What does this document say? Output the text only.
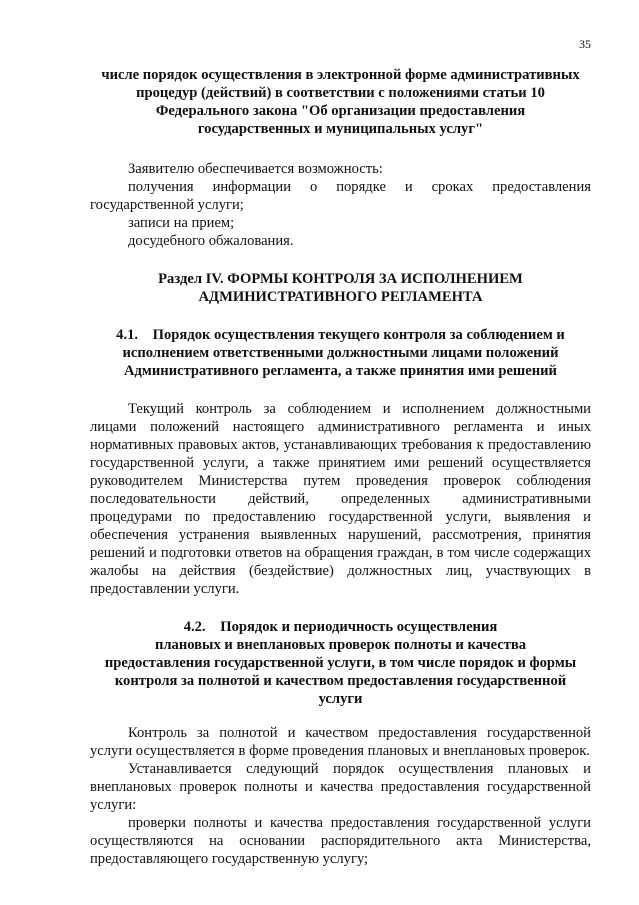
35

числе порядок осуществления в электронной форме административных

процедур (действий) в соответствии с положениями статьи 10

Федерального закона "Об организации предоставления

государственных и муниципальных услуг"

Заявителю обеспечивается возможность:

получения информации о порядке и сроках предоставления

государственной услуги;

записи на прием;

досудебного обжалования.

Раздел IV. ФОРМЫ КОНТРОЛЯ ЗА ИСПОЛНЕНИЕМ

АДМИНИСТРАТИВНОГО РЕГЛАМЕНТА

4.1. Порядок осуществления текущего контроля за соблюдением и

исполнением ответственными должностными лицами положений

Административного регламента, а также принятия ими решений

Текущий контроль за соблюдением и исполнением должностными лицами положений настоящего административного регламента и иных нормативных правовых актов, устанавливающих требования к предоставлению государственной услуги, а также принятием ими решений осуществляется руководителем Министерства путем проведения проверок соблюдения последовательности действий, определенных административными процедурами по предоставлению государственной услуги, выявления и обеспечения устранения выявленных нарушений, рассмотрения, принятия решений и подготовки ответов на обращения граждан, в том числе содержащих жалобы на действия (бездействие) должностных лиц, участвующих в предоставлении услуги.

4.2. Порядок и периодичность осуществления

плановых и внеплановых проверок полноты и качества

предоставления государственной услуги, в том числе порядок и формы

контроля за полнотой и качеством предоставления государственной

услуги

Контроль за полнотой и качеством предоставления государственной услуги осуществляется в форме проведения плановых и внеплановых проверок.

Устанавливается следующий порядок осуществления плановых и внеплановых проверок полноты и качества предоставления государственной услуги:

проверки полноты и качества предоставления государственной услуги осуществляются на основании распорядительного акта Министерства, предоставляющего государственную услугу;
